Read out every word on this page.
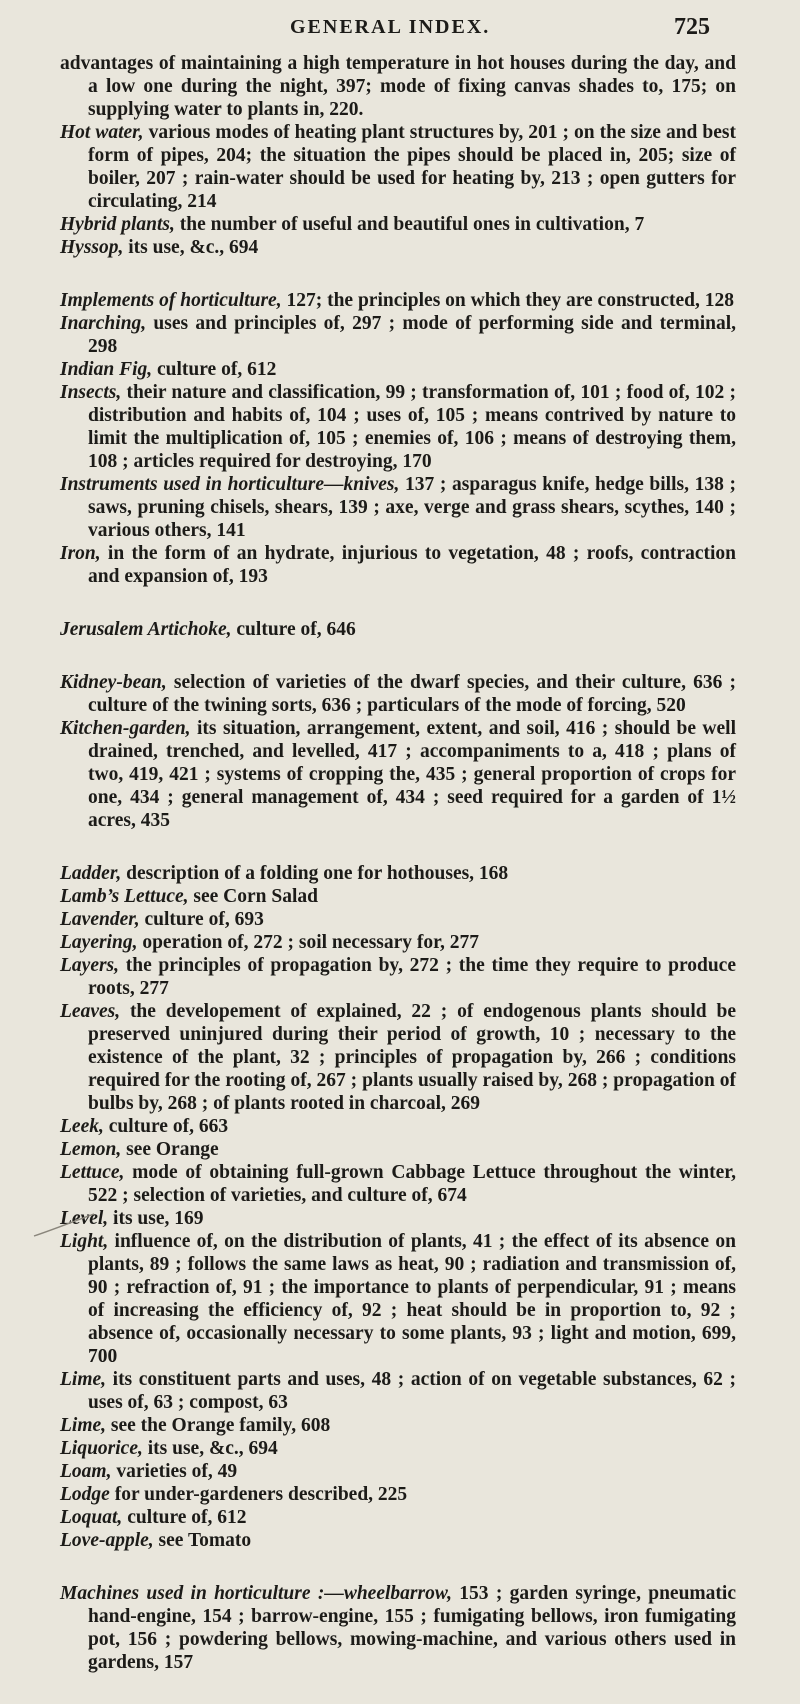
GENERAL INDEX.	725

advantages of maintaining a high temperature in hot houses during the day, and a low one during the night, 397; mode of fixing canvas shades to, 175; on supplying water to plants in, 220.

Hot water, various modes of heating plant structures by, 201 ; on the size and best form of pipes, 204; the situation the pipes should be placed in, 205; size of boiler, 207 ; rain-water should be used for heating by, 213 ; open gutters for circulating, 214

Hybrid plants, the number of useful and beautiful ones in cultivation, 7

Hyssop, its use, &c., 694

Implements of horticulture, 127; the principles on which they are constructed, 128

Inarching, uses and principles of, 297 ; mode of performing side and terminal, 298

Indian Fig, culture of, 612

Insects, their nature and classification, 99 ; transformation of, 101 ; food of, 102 ; distribution and habits of, 104 ; uses of, 105 ; means contrived by nature to limit the multiplication of, 105 ; enemies of, 106 ; means of destroying them, 108 ; articles required for destroying, 170

Instruments used in horticulture—knives, 137 ; asparagus knife, hedge bills, 138 ; saws, pruning chisels, shears, 139 ; axe, verge and grass shears, scythes, 140 ; various others, 141

Iron, in the form of an hydrate, injurious to vegetation, 48 ; roofs, contraction and expansion of, 193

Jerusalem Artichoke, culture of, 646

Kidney-bean, selection of varieties of the dwarf species, and their culture, 636 ; culture of the twining sorts, 636 ; particulars of the mode of forcing, 520

Kitchen-garden, its situation, arrangement, extent, and soil, 416 ; should be well drained, trenched, and levelled, 417 ; accompaniments to a, 418 ; plans of two, 419, 421 ; systems of cropping the, 435 ; general proportion of crops for one, 434 ; general management of, 434 ; seed required for a garden of 1½ acres, 435

Ladder, description of a folding one for hothouses, 168

Lamb’s Lettuce, see Corn Salad

Lavender, culture of, 693

Layering, operation of, 272 ; soil necessary for, 277

Layers, the principles of propagation by, 272 ; the time they require to produce roots, 277

Leaves, the developement of explained, 22 ; of endogenous plants should be preserved uninjured during their period of growth, 10 ; necessary to the existence of the plant, 32 ; principles of propagation by, 266 ; conditions required for the rooting of, 267 ; plants usually raised by, 268 ; propagation of bulbs by, 268 ; of plants rooted in charcoal, 269

Leek, culture of, 663

Lemon, see Orange

Lettuce, mode of obtaining full-grown Cabbage Lettuce throughout the winter, 522 ; selection of varieties, and culture of, 674

Level, its use, 169

Light, influence of, on the distribution of plants, 41 ; the effect of its absence on plants, 89 ; follows the same laws as heat, 90 ; radiation and transmission of, 90 ; refraction of, 91 ; the importance to plants of perpendicular, 91 ; means of increasing the efficiency of, 92 ; heat should be in proportion to, 92 ; absence of, occasionally necessary to some plants, 93 ; light and motion, 699, 700

Lime, its constituent parts and uses, 48 ; action of on vegetable substances, 62 ; uses of, 63 ; compost, 63

Lime, see the Orange family, 608

Liquorice, its use, &c., 694

Loam, varieties of, 49

Lodge for under-gardeners described, 225

Loquat, culture of, 612

Love-apple, see Tomato

Machines used in horticulture :—wheelbarrow, 153 ; garden syringe, pneumatic hand-engine, 154 ; barrow-engine, 155 ; fumigating bellows, iron fumigating pot, 156 ; powdering bellows, mowing-machine, and various others used in gardens, 157
